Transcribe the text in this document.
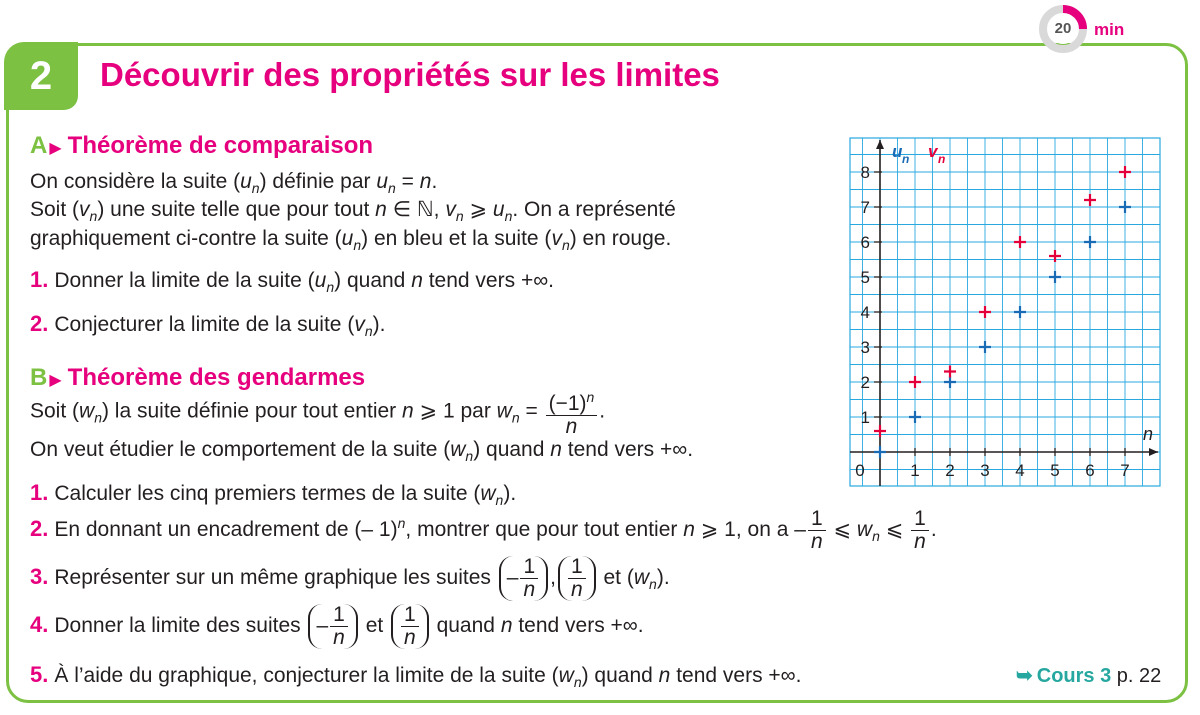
2	Découvrir des propriétés sur les limites
20	min
A ▶ Théorème de comparaison
On considère la suite $(u_n)$ définie par $u_n = n$.
Soit $(v_n)$ une suite telle que pour tout n ∈ ℕ, $v_n$ ⩾ $u_n$. On a représenté
graphiquement ci-contre la suite $(u_n)$ en bleu et la suite $(v_n)$ en rouge.
1. Donner la limite de la suite $(u_n)$ quand n tend vers +∞.
2. Conjecturer la limite de la suite $(v_n)$.
B ▶ Théorème des gendarmes
Soit $(w_n)$ la suite définie pour tout entier n ⩾ 1 par $w_n = \frac{(-1)^n}{n}$ .
On veut étudier le comportement de la suite $(w_n)$ quand n tend vers +∞.
1. Calculer les cinq premiers termes de la suite $(w_n)$.
2. En donnant un encadrement de (– 1)$^n$, montrer que pour tout entier n ⩾ 1, on a – $\frac{1}{n}$ ⩽ $w_n$ ⩽ $\frac{1}{n}$ .
3. Représenter sur un même graphique les suites – $\frac{1}{n}$ , $\frac{1}{n}$ et $(w_n)$.
4. Donner la limite des suites – $\frac{1}{n}$ et $\frac{1}{n}$ quand n tend vers +∞.
5. À l’aide du graphique, conjecturer la limite de la suite $(w_n)$ quand n tend vers +∞.	➥ Cours 3 p. 22
1 2 3 4 5 6 7
1
2
3
4
5
6
7
8
0
n
u n v n
